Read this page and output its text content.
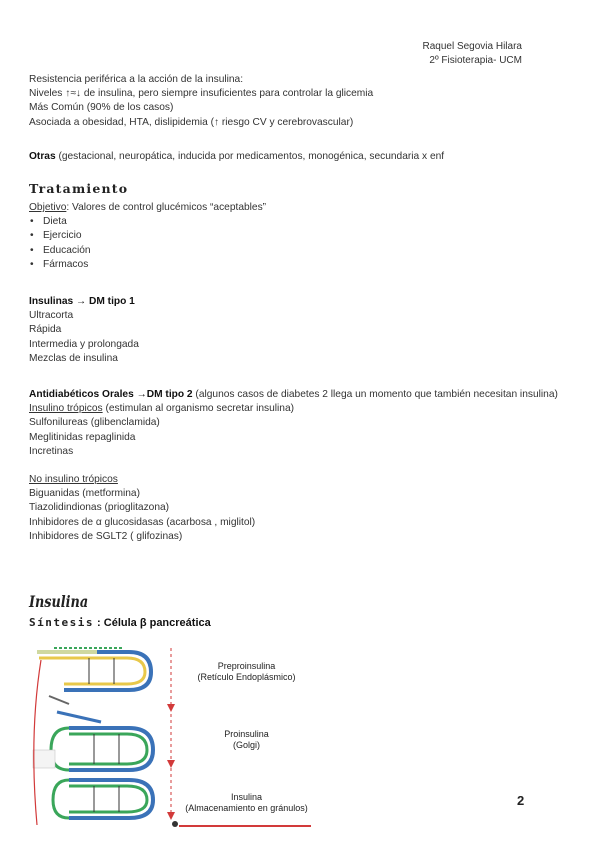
Raquel Segovia Hilara
2º Fisioterapia- UCM
Resistencia periférica a la acción de la insulina:
Niveles ↑≈↓ de insulina, pero siempre insuficientes para controlar la glicemia
Más Común (90% de los casos)
Asociada a obesidad, HTA, dislipidemia (↑ riesgo CV y cerebrovascular)
Otras (gestacional, neuropática, inducida por medicamentos, monogénica, secundaria x enf
Tratamiento
Objetivo: Valores de control glucémicos “aceptables”
• Dieta
• Ejercicio
• Educación
• Fármacos
Insulinas → DM tipo 1
Ultracorta
Rápida
Intermedia y prolongada
Mezclas de insulina
Antidiabéticos Orales →DM tipo 2 (algunos casos de diabetes 2 llega un momento que también necesitan insulina)
Insulino trópicos (estimulan al organismo secretar insulina)
Sulfonilureas (glibenclamida)
Meglitinidas repaglinida
Incretinas
No insulino trópicos
Biguanidas (metformina)
Tiazolidindionas (prioglitazona)
Inhibidores de α glucosidasas (acarbosa , miglitol)
Inhibidores de SGLT2 ( glifozinas)
Insulina
Síntesis : Célula β pancreática
Preproinsulina
(Retículo Endoplásmico)
Proinsulina
(Golgi)
Insulina
(Almacenamiento en gránulos)	2
